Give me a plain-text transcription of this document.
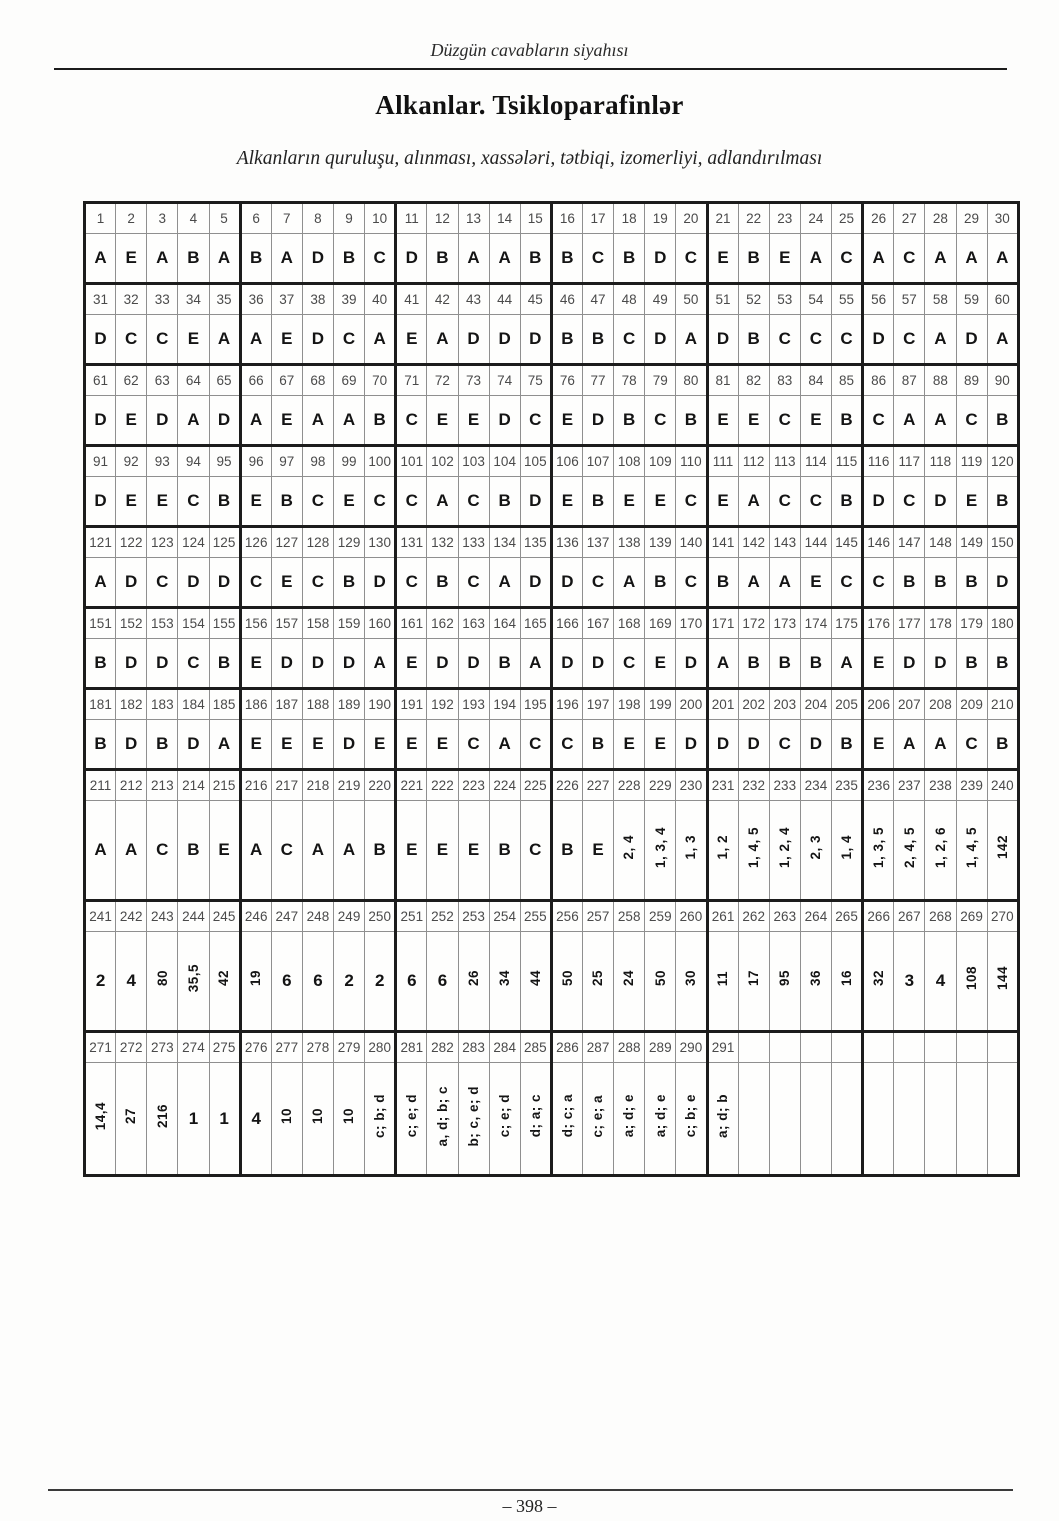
Düzgün cavabların siyahısı
Alkanlar. Tsikloparafinlər
Alkanların quruluşu, alınması, xassələri, tətbiqi, izomerliyi, adlandırılması
1	2	3	4	5	6	7	8	9	10	11	12	13	14	15	16	17	18	19	20	21	22	23	24	25	26	27	28	29	30
A	E	A	B	A	B	A	D	B	C	D	B	A	A	B	B	C	B	D	C	E	B	E	A	C	A	C	A	A	A
31	32	33	34	35	36	37	38	39	40	41	42	43	44	45	46	47	48	49	50	51	52	53	54	55	56	57	58	59	60
D	C	C	E	A	A	E	D	C	A	E	A	D	D	D	B	B	C	D	A	D	B	C	C	C	D	C	A	D	A
61	62	63	64	65	66	67	68	69	70	71	72	73	74	75	76	77	78	79	80	81	82	83	84	85	86	87	88	89	90
D	E	D	A	D	A	E	A	A	B	C	E	E	D	C	E	D	B	C	B	E	E	C	E	B	C	A	A	C	B
91	92	93	94	95	96	97	98	99	100	101	102	103	104	105	106	107	108	109	110	111	112	113	114	115	116	117	118	119	120
D	E	E	C	B	E	B	C	E	C	C	A	C	B	D	E	B	E	E	C	E	A	C	C	B	D	C	D	E	B
121	122	123	124	125	126	127	128	129	130	131	132	133	134	135	136	137	138	139	140	141	142	143	144	145	146	147	148	149	150
A	D	C	D	D	C	E	C	B	D	C	B	C	A	D	D	C	A	B	C	B	A	A	E	C	C	B	B	B	D
151	152	153	154	155	156	157	158	159	160	161	162	163	164	165	166	167	168	169	170	171	172	173	174	175	176	177	178	179	180
B	D	D	C	B	E	D	D	D	A	E	D	D	B	A	D	D	C	E	D	A	B	B	B	A	E	D	D	B	B
181	182	183	184	185	186	187	188	189	190	191	192	193	194	195	196	197	198	199	200	201	202	203	204	205	206	207	208	209	210
B	D	B	D	A	E	E	E	D	E	E	E	C	A	C	C	B	E	E	D	D	D	C	D	B	E	A	A	C	B
211	212	213	214	215	216	217	218	219	220	221	222	223	224	225	226	227	228	229	230	231	232	233	234	235	236	237	238	239	240
A	A	C	B	E	A	C	A	A	B	E	E	E	B	C	B	E	2, 4	1, 3, 4	1, 3	1, 2	1, 4, 5	1, 2, 4	2, 3	1, 4	1, 3, 5	2, 4, 5	1, 2, 6	1, 4, 5	142
241	242	243	244	245	246	247	248	249	250	251	252	253	254	255	256	257	258	259	260	261	262	263	264	265	266	267	268	269	270
2	4	80	35,5	42	19	6	6	2	2	6	6	26	34	44	50	25	24	50	30	11	17	95	36	16	32	3	4	108	144
271	272	273	274	275	276	277	278	279	280	281	282	283	284	285	286	287	288	289	290	291									
14,4	27	216	1	1	4	10	10	10	c; b; d	c; e; d	a, d; b; c	b; c, e; d	c; e; d	d; a; c	d; c; a	c; e; a	a; d; e	a; d; e	c; b; e	a; d; b									
– 398 –
